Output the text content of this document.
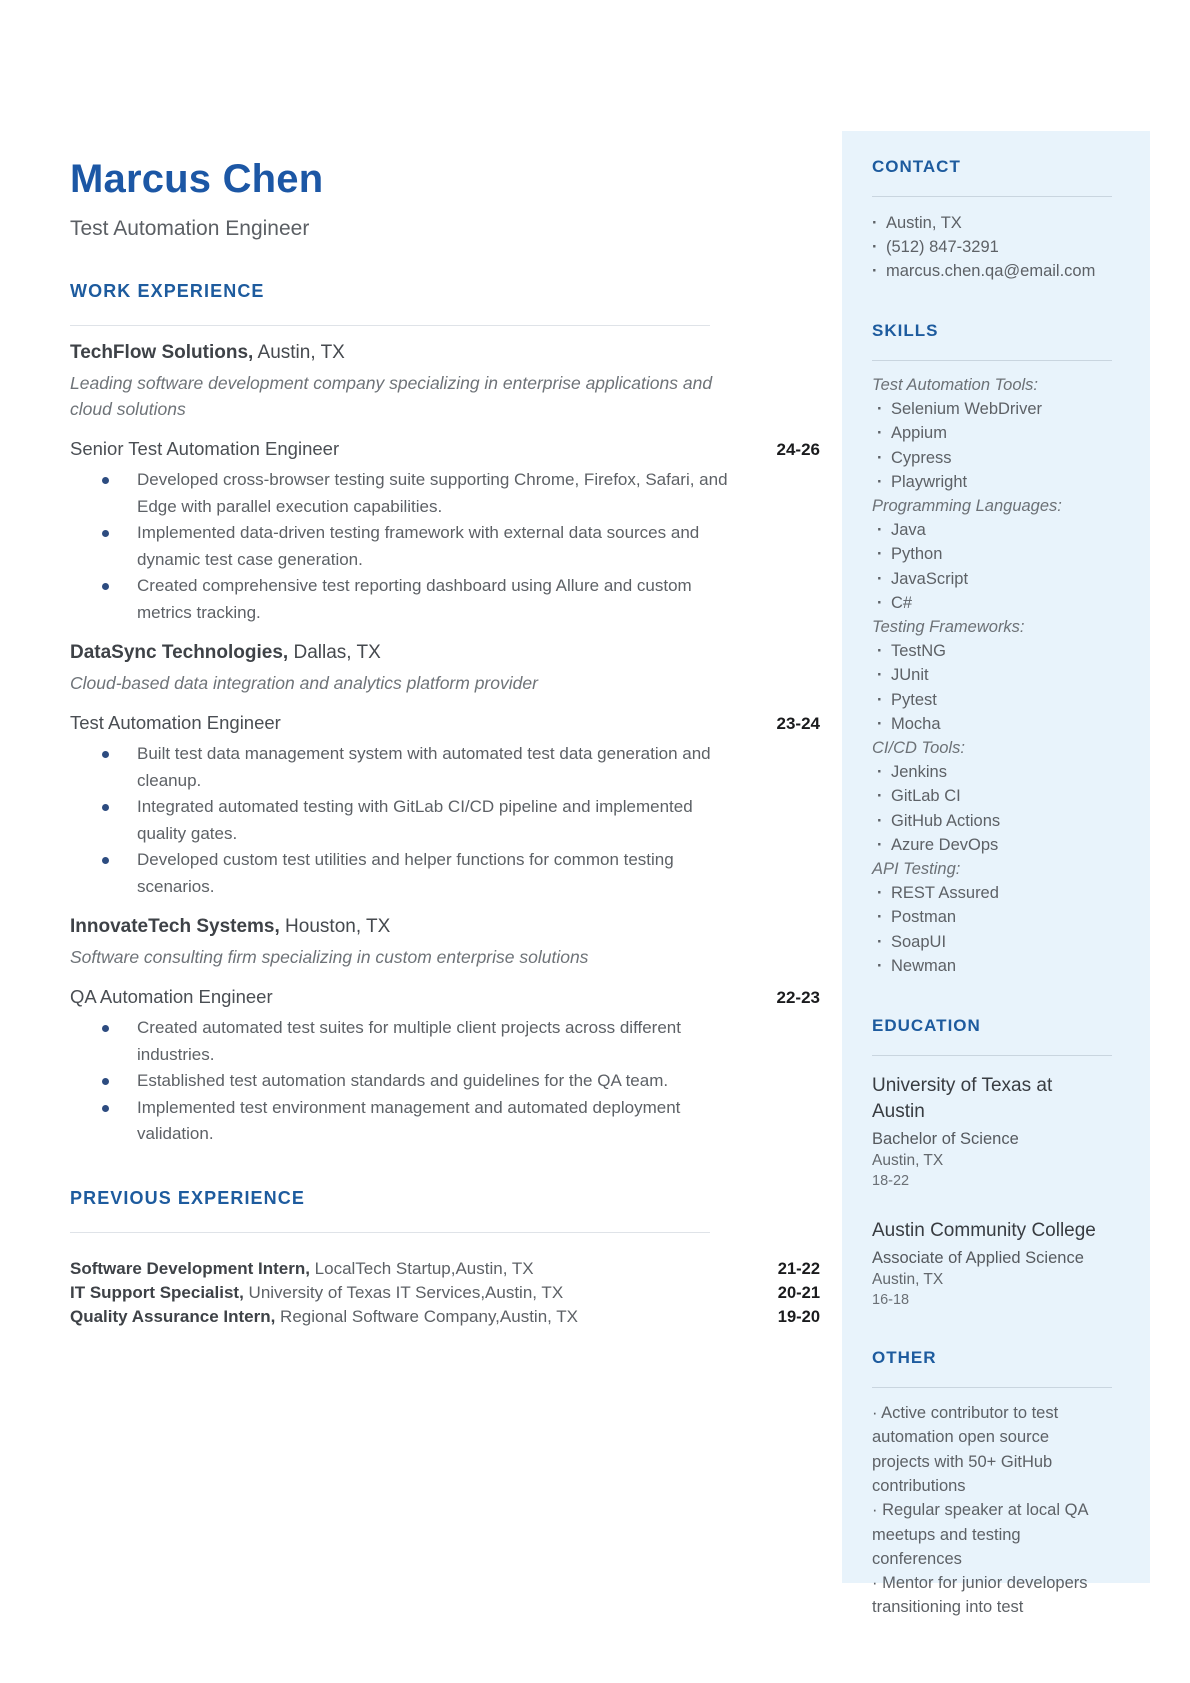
Marcus Chen
Test Automation Engineer
WORK EXPERIENCE
TechFlow Solutions, Austin, TX
Leading software development company specializing in enterprise applications and cloud solutions
Senior Test Automation Engineer	24-26
Developed cross-browser testing suite supporting Chrome, Firefox, Safari, and Edge with parallel execution capabilities.
Implemented data-driven testing framework with external data sources and dynamic test case generation.
Created comprehensive test reporting dashboard using Allure and custom metrics tracking.
DataSync Technologies, Dallas, TX
Cloud-based data integration and analytics platform provider
Test Automation Engineer	23-24
Built test data management system with automated test data generation and cleanup.
Integrated automated testing with GitLab CI/CD pipeline and implemented quality gates.
Developed custom test utilities and helper functions for common testing scenarios.
InnovateTech Systems, Houston, TX
Software consulting firm specializing in custom enterprise solutions
QA Automation Engineer	22-23
Created automated test suites for multiple client projects across different industries.
Established test automation standards and guidelines for the QA team.
Implemented test environment management and automated deployment validation.
PREVIOUS EXPERIENCE
Software Development Intern, LocalTech Startup,Austin, TX	21-22
IT Support Specialist, University of Texas IT Services,Austin, TX	20-21
Quality Assurance Intern, Regional Software Company,Austin, TX	19-20
CONTACT
· Austin, TX
· (512) 847-3291
· marcus.chen.qa@email.com
SKILLS
Test Automation Tools:
· Selenium WebDriver
· Appium
· Cypress
· Playwright
Programming Languages:
· Java
· Python
· JavaScript
· C#
Testing Frameworks:
· TestNG
· JUnit
· Pytest
· Mocha
CI/CD Tools:
· Jenkins
· GitLab CI
· GitHub Actions
· Azure DevOps
API Testing:
· REST Assured
· Postman
· SoapUI
· Newman
EDUCATION
University of Texas at Austin
Bachelor of Science
Austin, TX
18-22
Austin Community College
Associate of Applied Science
Austin, TX
16-18
OTHER
· Active contributor to test automation open source projects with 50+ GitHub contributions
· Regular speaker at local QA meetups and testing conferences
· Mentor for junior developers transitioning into test
